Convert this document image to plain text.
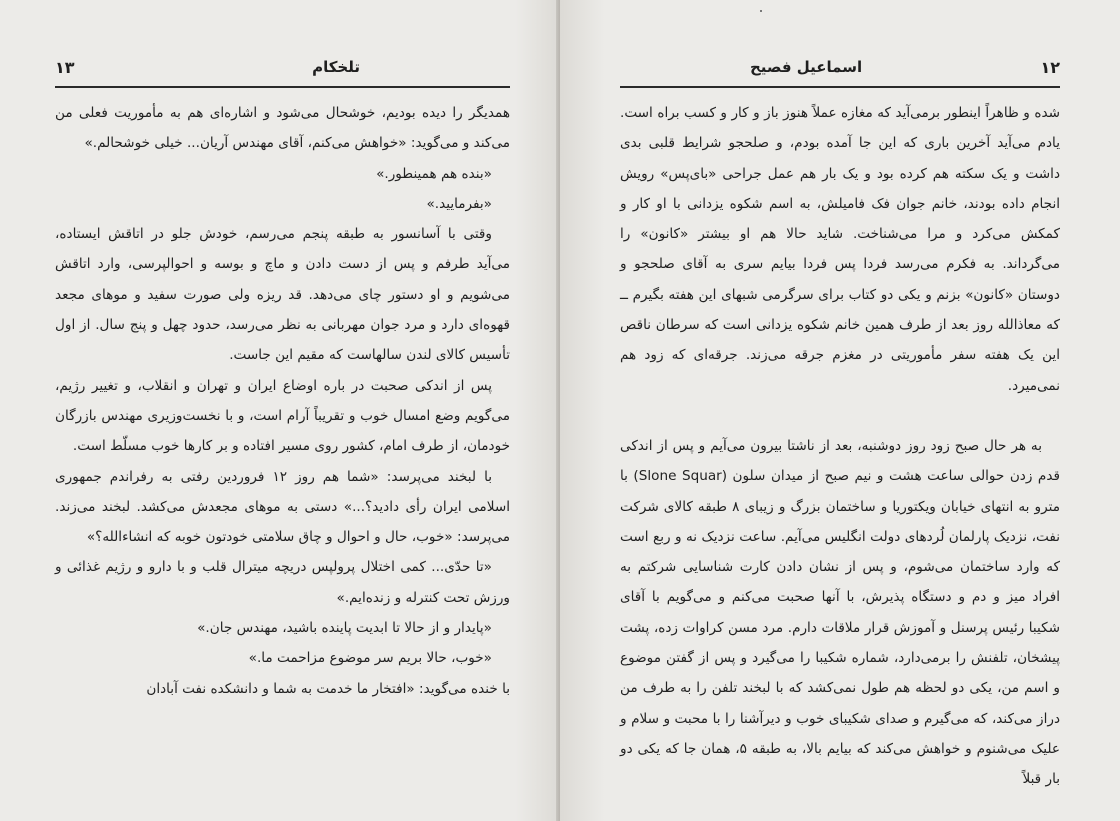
۱۳	تلخکام

همدیگر را دیده بودیم، خوشحال می‌شود و اشاره‌ای هم به مأموریت فعلی من می‌کند و می‌گوید: «خواهش می‌کنم، آقای مهندس آریان... خیلی خوشحالم.»

«بنده هم همینطور.»

«بفرمایید.»

وقتی با آسانسور به طبقه پنجم می‌رسم، خودش جلو در اتاقش ایستاده، می‌آید طرفم و پس از دست دادن و ماچ و بوسه و احوالپرسی، وارد اتاقش می‌شویم و او دستور چای می‌دهد. قد ریزه ولی صورت سفید و موهای مجعد قهوه‌ای دارد و مرد جوان مهربانی به نظر می‌رسد، حدود چهل و پنج سال. از اول تأسیس کالای لندن سالهاست که مقیم این جاست.

پس از اندکی صحبت در باره اوضاع ایران و تهران و انقلاب، و تغییر رژیم، می‌گویم وضع امسال خوب و تقریباً آرام است، و با نخست‌وزیری مهندس بازرگان خودمان، از طرف امام، کشور روی مسیر افتاده و بر کارها خوب مسلّط است.

با لبخند می‌پرسد: «شما هم روز ۱۲ فروردین رفتی به رفراندم جمهوری اسلامی ایران رأی دادید؟...» دستی به موهای مجعدش می‌کشد. لبخند می‌زند. می‌پرسد: «خوب، حال و احوال و چاق سلامتی خودتون خوبه که انشاءالله؟»

«تا حدّی... کمی اختلال پرولپس دریچه میترال قلب و با دارو و رژیم غذائی و ورزش تحت کنترله و زنده‌ایم.»

«پایدار و از حالا تا ابدیت پاینده باشید، مهندس جان.»

«خوب، حالا بریم سر موضوع مزاحمت ما.»

با خنده می‌گوید: «افتخار ما خدمت به شما و دانشکده نفت آبادان

۱۲
اسماعیل فصیح

شده و ظاهراً اینطور برمی‌آید که مغازه عملاً هنوز باز و کار و کسب براه است. یادم می‌آید آخرین باری که این جا آمده بودم، و صلحجو شرایط قلبی بدی داشت و یک سکته هم کرده بود و یک بار هم عمل جراحی «بای‌پس» رویش انجام داده بودند، خانم جوان فک فامیلش، به اسم شکوه یزدانی با او کار و کمکش می‌کرد و مرا می‌شناخت. شاید حالا هم او بیشتر «کانون» را می‌گرداند. به فکرم می‌رسد فردا پس فردا بیایم سری به آقای صلحجو و دوستان «کانون» بزنم و یکی دو کتاب برای سرگرمی شبهای این هفته بگیرم ــ که معاذالله روز بعد از طرف همین خانم شکوه یزدانی است که سرطان ناقص این یک هفته سفر مأموریتی در مغزم جرقه می‌زند. جرقه‌ای که زود هم نمی‌میرد.

به هر حال صبح زود روز دوشنبه، بعد از ناشتا بیرون می‌آیم و پس از اندکی قدم زدن حوالی ساعت هشت و نیم صبح از میدان سلون (Slone Squar) با مترو به انتهای خیابان ویکتوریا و ساختمان بزرگ و زیبای ۸ طبقه کالای شرکت نفت، نزدیک پارلمان لُردهای دولت انگلیس می‌آیم. ساعت نزدیک نه و ربع است که وارد ساختمان می‌شوم، و پس از نشان دادن کارت شناسایی شرکتم به افراد میز و دم و دستگاه پذیرش، با آنها صحبت می‌کنم و می‌گویم با آقای شکیبا رئیس پرسنل و آموزش قرار ملاقات دارم. مرد مسن کراوات زده، پشت پیشخان، تلفنش را برمی‌دارد، شماره شکیبا را می‌گیرد و پس از گفتن موضوع و اسم من، یکی دو لحظه هم طول نمی‌کشد که با لبخند تلفن را به طرف من دراز می‌کند، که می‌گیرم و صدای شکیبای خوب و دیرآشنا را با محبت و سلام و علیک می‌شنوم و خواهش می‌کند که بیایم بالا، به طبقه ۵، همان جا که یکی دو بار قبلاً
